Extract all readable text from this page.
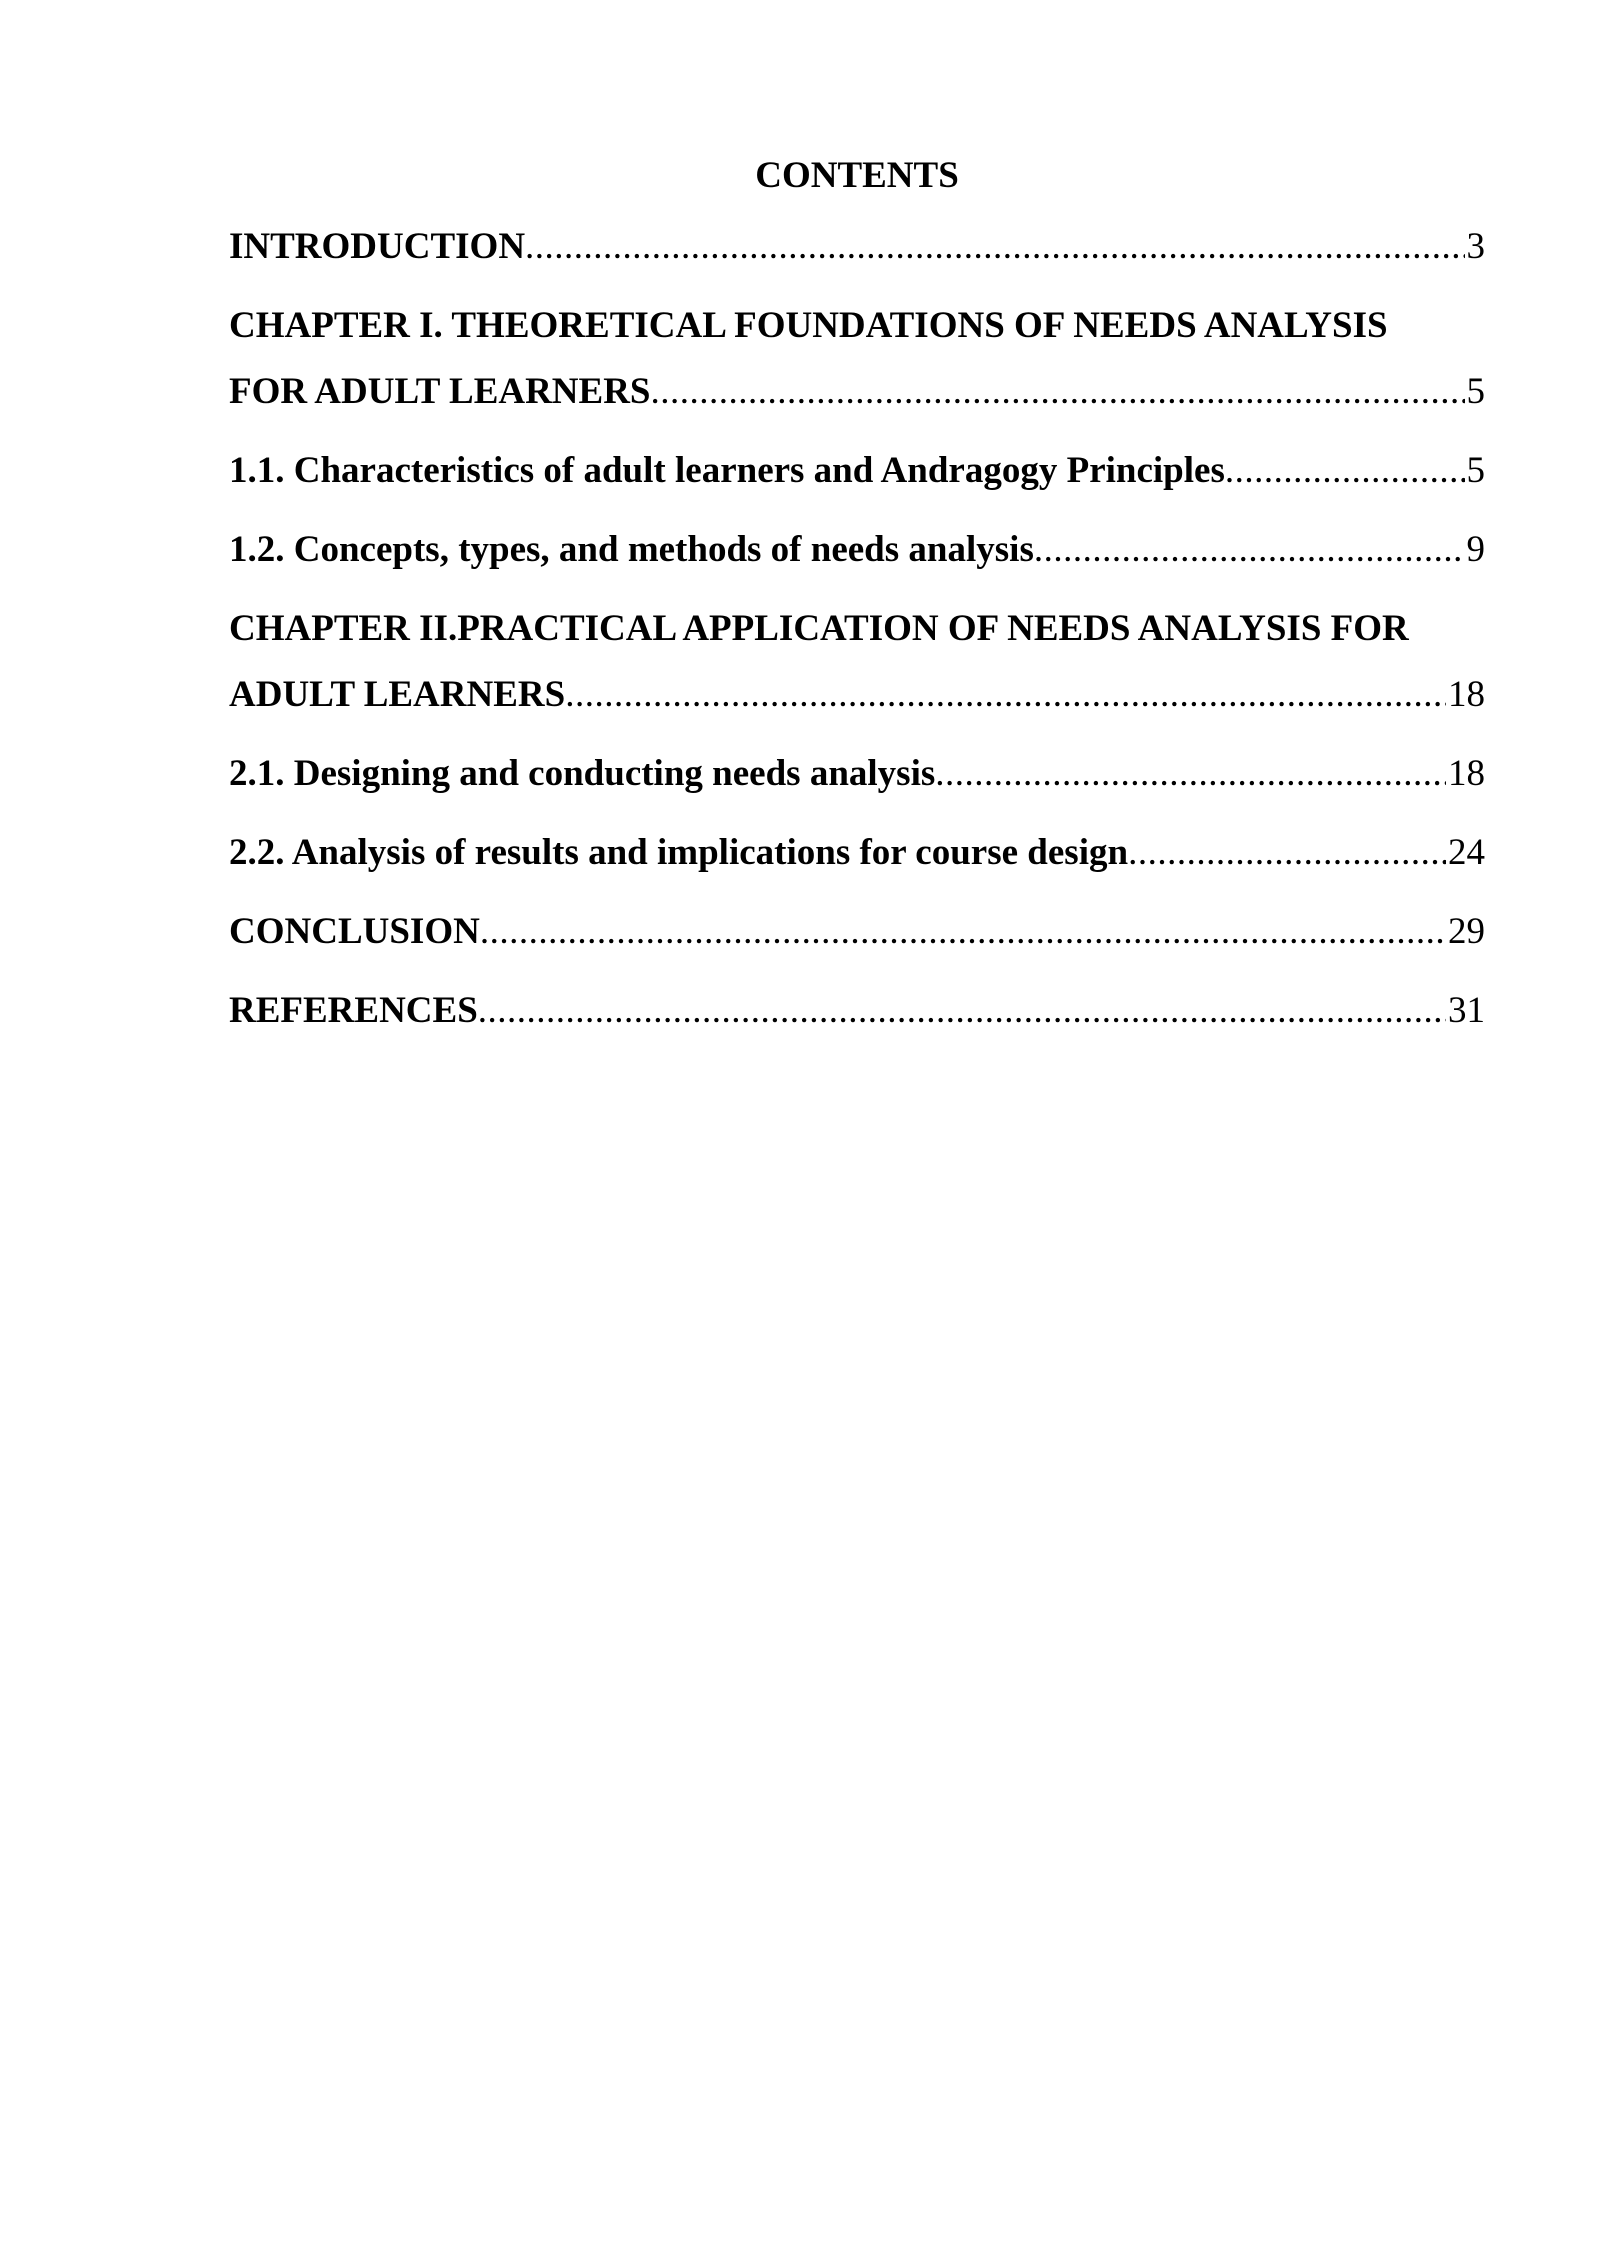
CONTENTS
INTRODUCTION .....	3
CHAPTER I. THEORETICAL FOUNDATIONS OF NEEDS ANALYSIS
FOR ADULT LEARNERS .....	5
1.1. Characteristics of adult learners and Andragogy Principles .....	5
1.2. Concepts, types, and methods of needs analysis .....	9
CHAPTER II.PRACTICAL APPLICATION OF NEEDS ANALYSIS FOR
ADULT LEARNERS .....	18
2.1. Designing and conducting needs analysis .....	18
2.2. Analysis of results and implications for course design .....	24
CONCLUSION .....	29
REFERENCES .....	31
